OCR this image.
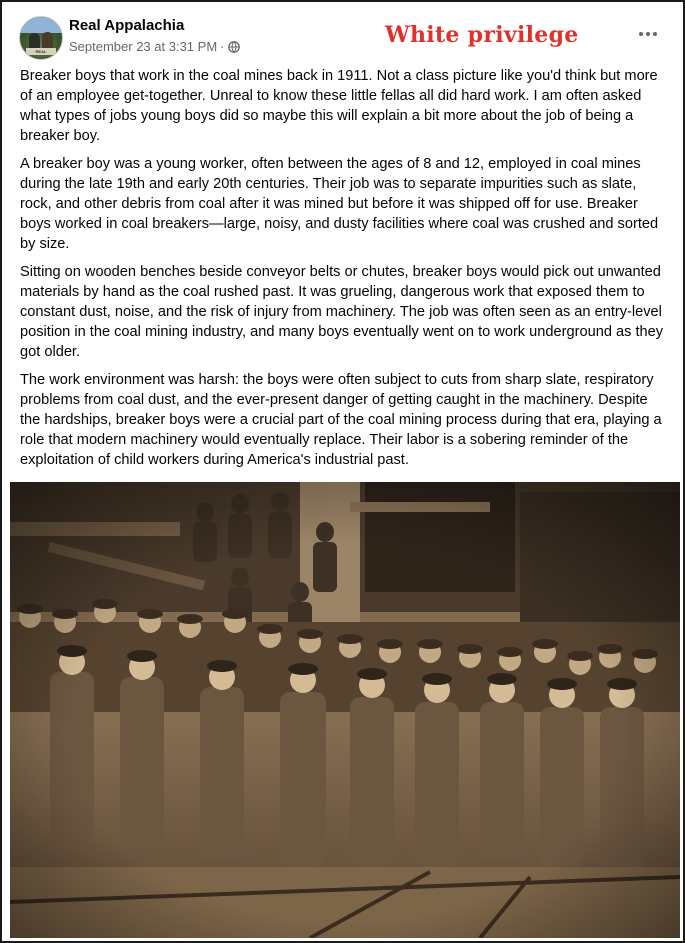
REAL APPALACHIA
Real Appalachia
September 23 at 3:31 PM ·	White privilege

Breaker boys that work in the coal mines back in 1911. Not a class picture like you'd think but more of an employee get-together. Unreal to know these little fellas all did hard work. I am often asked what types of jobs young boys did so maybe this will explain a bit more about the job of being a breaker boy.

A breaker boy was a young worker, often between the ages of 8 and 12, employed in coal mines during the late 19th and early 20th centuries. Their job was to separate impurities such as slate, rock, and other debris from coal after it was mined but before it was shipped off for use. Breaker boys worked in coal breakers—large, noisy, and dusty facilities where coal was crushed and sorted by size.

Sitting on wooden benches beside conveyor belts or chutes, breaker boys would pick out unwanted materials by hand as the coal rushed past. It was grueling, dangerous work that exposed them to constant dust, noise, and the risk of injury from machinery. The job was often seen as an entry-level position in the coal mining industry, and many boys eventually went on to work underground as they got older.

The work environment was harsh: the boys were often subject to cuts from sharp slate, respiratory problems from coal dust, and the ever-present danger of getting caught in the machinery. Despite the hardships, breaker boys were a crucial part of the coal mining process during that era, playing a role that modern machinery would eventually replace. Their labor is a sobering reminder of the exploitation of child workers during America's industrial past.
